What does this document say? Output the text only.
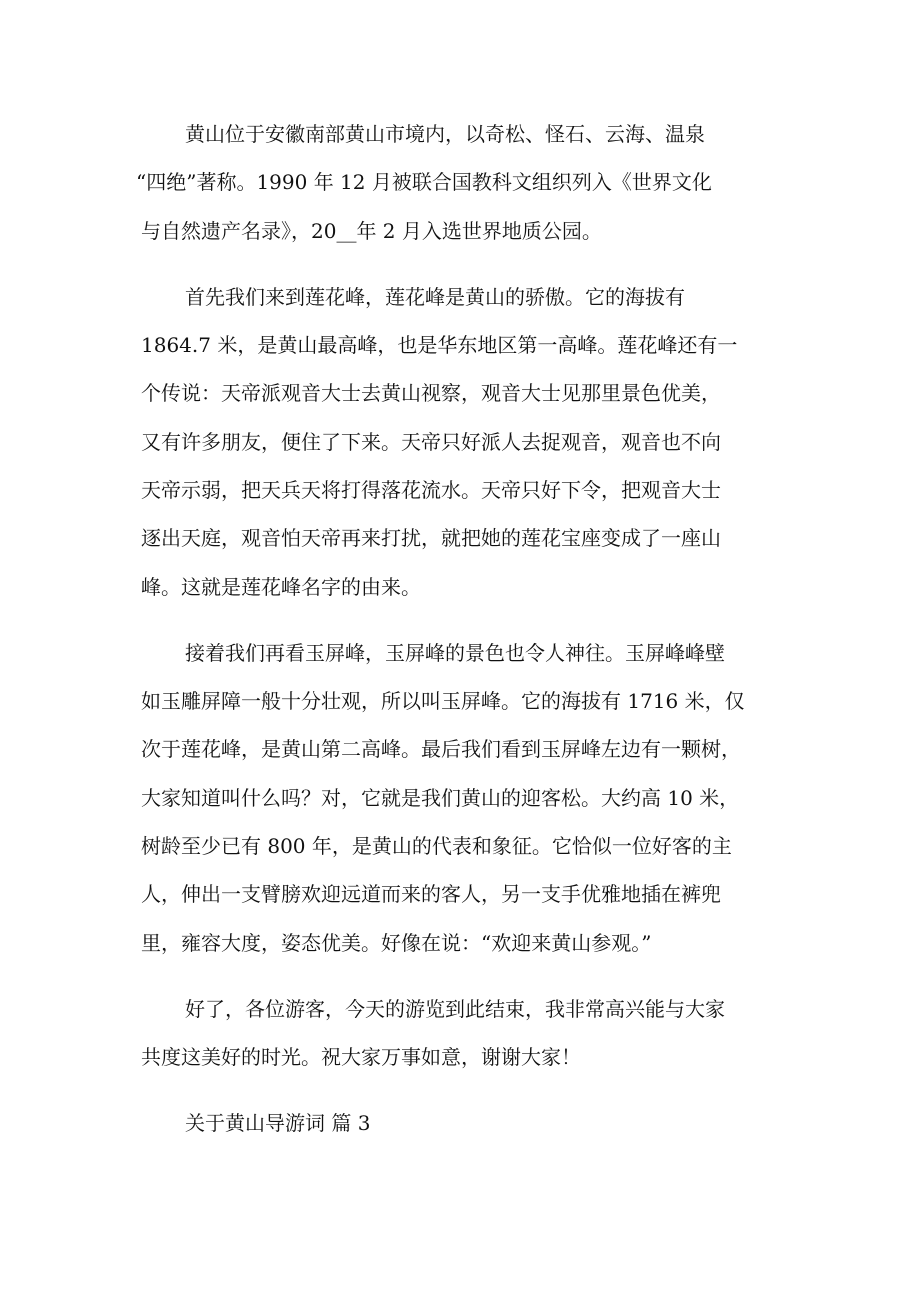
黄山位于安徽南部黄山市境内，以奇松、怪石、云海、温泉
“四绝”著称。1990 年 12 月被联合国教科文组织列入《世界文化
与自然遗产名录》，20__年 2 月入选世界地质公园。
首先我们来到莲花峰，莲花峰是黄山的骄傲。它的海拔有
1864.7 米，是黄山最高峰，也是华东地区第一高峰。莲花峰还有一
个传说：天帝派观音大士去黄山视察，观音大士见那里景色优美，
又有许多朋友，便住了下来。天帝只好派人去捉观音，观音也不向
天帝示弱，把天兵天将打得落花流水。天帝只好下令，把观音大士
逐出天庭，观音怕天帝再来打扰，就把她的莲花宝座变成了一座山
峰。这就是莲花峰名字的由来。
接着我们再看玉屏峰，玉屏峰的景色也令人神往。玉屏峰峰壁
如玉雕屏障一般十分壮观，所以叫玉屏峰。它的海拔有 1716 米，仅
次于莲花峰，是黄山第二高峰。最后我们看到玉屏峰左边有一颗树，
大家知道叫什么吗？对，它就是我们黄山的迎客松。大约高 10 米，
树龄至少已有 800 年，是黄山的代表和象征。它恰似一位好客的主
人，伸出一支臂膀欢迎远道而来的客人，另一支手优雅地插在裤兜
里，雍容大度，姿态优美。好像在说：“欢迎来黄山参观。”
好了，各位游客，今天的游览到此结束，我非常高兴能与大家
共度这美好的时光。祝大家万事如意，谢谢大家！
关于黄山导游词 篇 3
